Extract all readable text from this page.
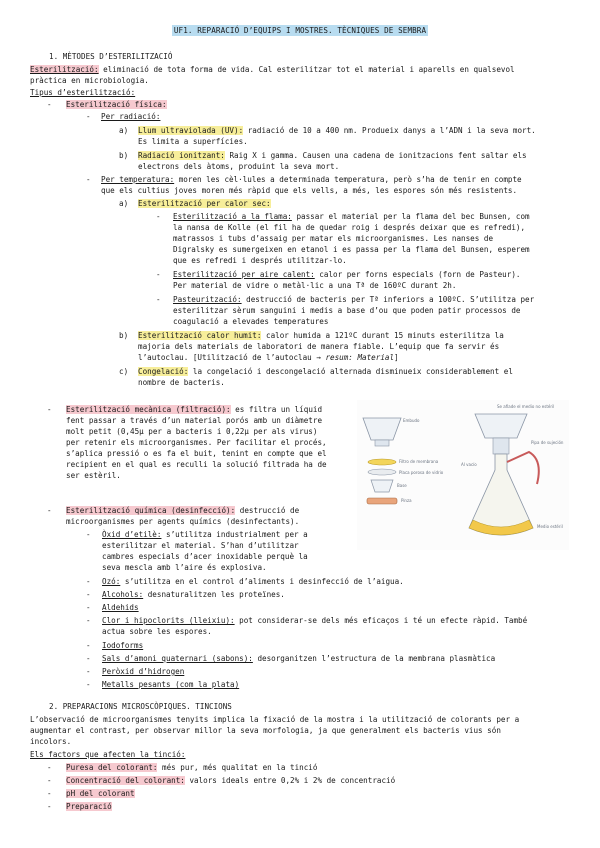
UF1. REPARACIÓ D’EQUIPS I MOSTRES. TÈCNIQUES DE SEMBRA
1. MÈTODES D’ESTERILITZACIÓ
Esterilització: eliminació de tota forma de vida. Cal esterilitzar tot el material i aparells en qualsevol
pràctica en microbiologia.
Tipus d’esterilització:
- Esterilització física:
- Per radiació:
a) Llum ultraviolada (UV): radiació de 10 a 400 nm. Produeix danys a l’ADN i la seva mort.
Es limita a superfícies.
b) Radiació ionitzant: Raig X i gamma. Causen una cadena de ionitzacions fent saltar els
electrons dels àtoms, produint la seva mort.
- Per temperatura: moren les cèl·lules a determinada temperatura, però s’ha de tenir en compte
que els cultius joves moren més ràpid que els vells, a més, les espores són més resistents.
a) Esterilització per calor sec:
- Esterilització a la flama: passar el material per la flama del bec Bunsen, com
la nansa de Kolle (el fil ha de quedar roig i després deixar que es refredi),
matrassos i tubs d’assaig per matar els microorganismes. Les nanses de
Digralsky es sumergeixen en etanol i es passa per la flama del Bunsen, esperem
que es refredi i després utilitzar-lo.
- Esterilització per aire calent: calor per forns especials (forn de Pasteur).
Per material de vidre o metàl·lic a una Tª de 160ºC durant 2h.
- Pasteurització: destrucció de bacteris per Tª inferiors a 100ºC. S’utilitza per
esterilitzar sèrum sanguini i medis a base d’ou que poden patir processos de
coagulació a elevades temperatures
b) Esterilització calor humit: calor humida a 121ºC durant 15 minuts esterilitza la
majoria dels materials de laboratori de manera fiable. L’equip que fa servir és
l’autoclau. [Utilització de l’autoclau → resum: Material]
c) Congelació: la congelació i descongelació alternada disminueix considerablement el
nombre de bacteris.
- Esterilització mecànica (filtració): es filtra un líquid
fent passar a través d’un material porós amb un diàmetre
molt petit (0,45µ per a bacteris i 0,22µ per als virus)
per retenir els microorganismes. Per facilitar el procés,
s’aplica pressió o es fa el buit, tenint en compte que el
recipient en el qual es reculli la solució filtrada ha de
ser estèril.
Embudo
Filtro de membrana
Placa porosa de vidrio
Base
Pinza
Se afiade el medio no estéril
Pipa de sujeción
Al vacío
Medio estéril
- Esterilització química (desinfecció): destrucció de
microorganismes per agents químics (desinfectants).
- Òxid d’etilè: s’utilitza industrialment per a
esterilitzar el material. S’han d’utilitzar
cambres especials d’acer inoxidable perquè la
seva mescla amb l’aire és explosiva.
- Ozó: s’utilitza en el control d’aliments i desinfecció de l’aigua.
- Alcohols: desnaturalitzen les proteïnes.
- Aldehids
- Clor i hipoclorits (lleixiu): pot considerar-se dels més eficaços i té un efecte ràpid. També
actua sobre les espores.
- Iodoforms
- Sals d’amoni quaternari (sabons): desorganitzen l’estructura de la membrana plasmàtica
- Peròxid d’hidrogen
- Metalls pesants (com la plata)
2. PREPARACIONS MICROSCÒPIQUES. TINCIONS
L’observació de microorganismes tenyits implica la fixació de la mostra i la utilització de colorants per a
augmentar el contrast, per observar millor la seva morfologia, ja que generalment els bacteris vius són
incolors.
Els factors que afecten la tinció:
- Puresa del colorant: més pur, més qualitat en la tinció
- Concentració del colorant: valors ideals entre 0,2% i 2% de concentració
- pH del colorant
- Preparació
